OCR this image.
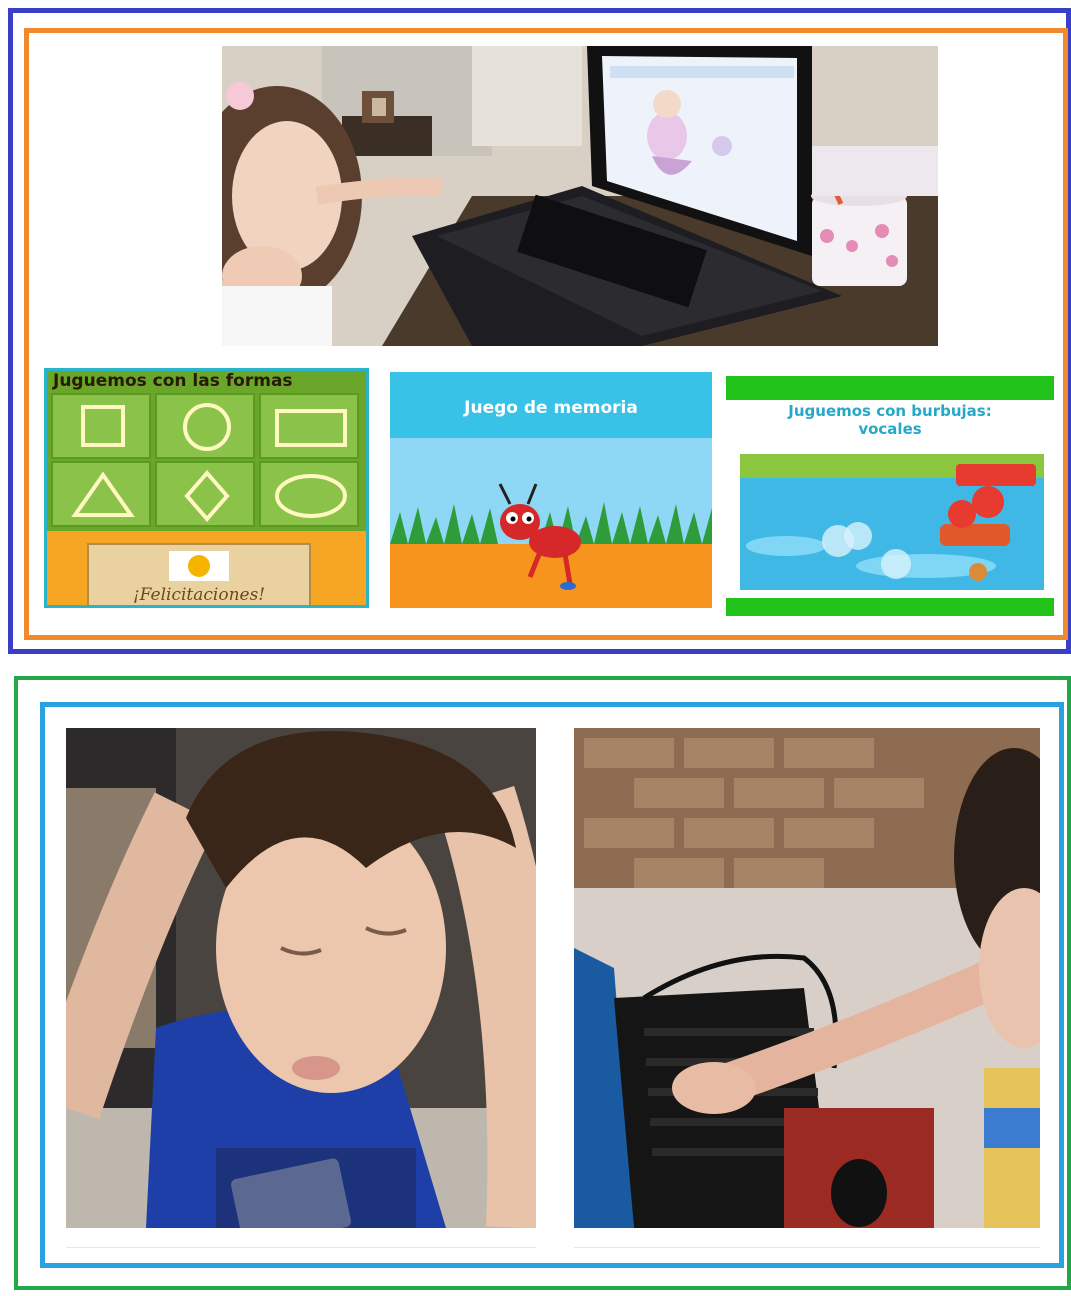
Juguemos con las formas
¡Felicitaciones!
Juego de memoria	Juguemos con burbujas:
vocales
